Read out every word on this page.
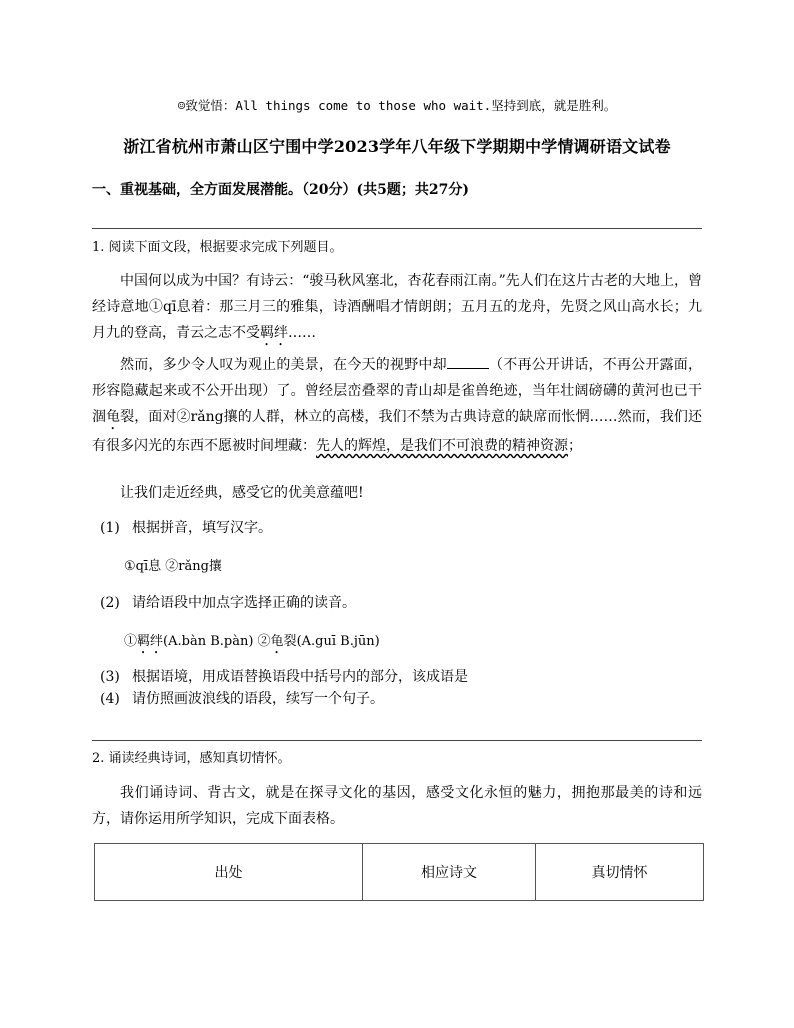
☺致觉悟：All things come to those who wait.坚持到底，就是胜利。
浙江省杭州市萧山区宁围中学2023学年八年级下学期期中学情调研语文试卷
一、重视基础，全方面发展潜能。（20分）(共5题；共27分)
1. 阅读下面文段，根据要求完成下列题目。
中国何以成为中国？有诗云：“骏马秋风塞北，杏花春雨江南。”先人们在这片古老的大地上，曾经诗意地①qī息着：那三月三的雅集，诗酒酬唱才情朗朗；五月五的龙舟，先贤之风山高水长；九月九的登高，青云之志不受羁绊……
然而，多少令人叹为观止的美景，在今天的视野中却	（不再公开讲话，不再公开露面，形容隐藏起来或不公开出现）了。曾经层峦叠翠的青山却是雀兽绝迹，当年壮阔磅礴的黄河也已干涸龟裂，面对②rǎng攘的人群，林立的高楼，我们不禁为古典诗意的缺席而怅惘……然而，我们还有很多闪光的东西不愿被时间埋藏：先人的辉煌，是我们不可浪费的精神资源；
让我们走近经典，感受它的优美意蕴吧!
(1) 根据拼音，填写汉字。
①qī息 ②rǎng攘
(2) 请给语段中加点字选择正确的读音。
①羁绊(A.bàn B.pàn) ②龟裂(A.guī B.jūn)
(3) 根据语境，用成语替换语段中括号内的部分，该成语是
(4) 请仿照画波浪线的语段，续写一个句子。
2. 诵读经典诗词，感知真切情怀。
我们诵诗词、背古文，就是在探寻文化的基因，感受文化永恒的魅力，拥抱那最美的诗和远方，请你运用所学知识，完成下面表格。
出处	相应诗文	真切情怀
